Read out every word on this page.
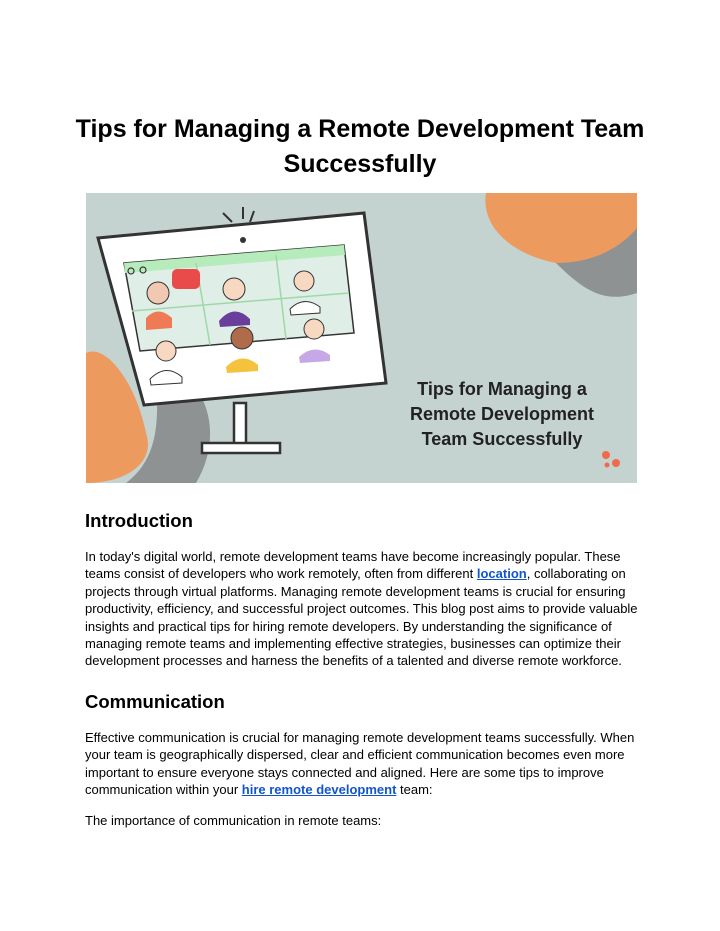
Tips for Managing a Remote Development Team Successfully
Tips for Managing a
Remote Development
Team Successfully
Introduction

In today's digital world, remote development teams have become increasingly popular. These teams consist of developers who work remotely, often from different location, collaborating on projects through virtual platforms. Managing remote development teams is crucial for ensuring productivity, efficiency, and successful project outcomes. This blog post aims to provide valuable insights and practical tips for hiring remote developers. By understanding the significance of managing remote teams and implementing effective strategies, businesses can optimize their development processes and harness the benefits of a talented and diverse remote workforce.

Communication

Effective communication is crucial for managing remote development teams successfully. When your team is geographically dispersed, clear and efficient communication becomes even more important to ensure everyone stays connected and aligned. Here are some tips to improve communication within your hire remote development team:

The importance of communication in remote teams:
